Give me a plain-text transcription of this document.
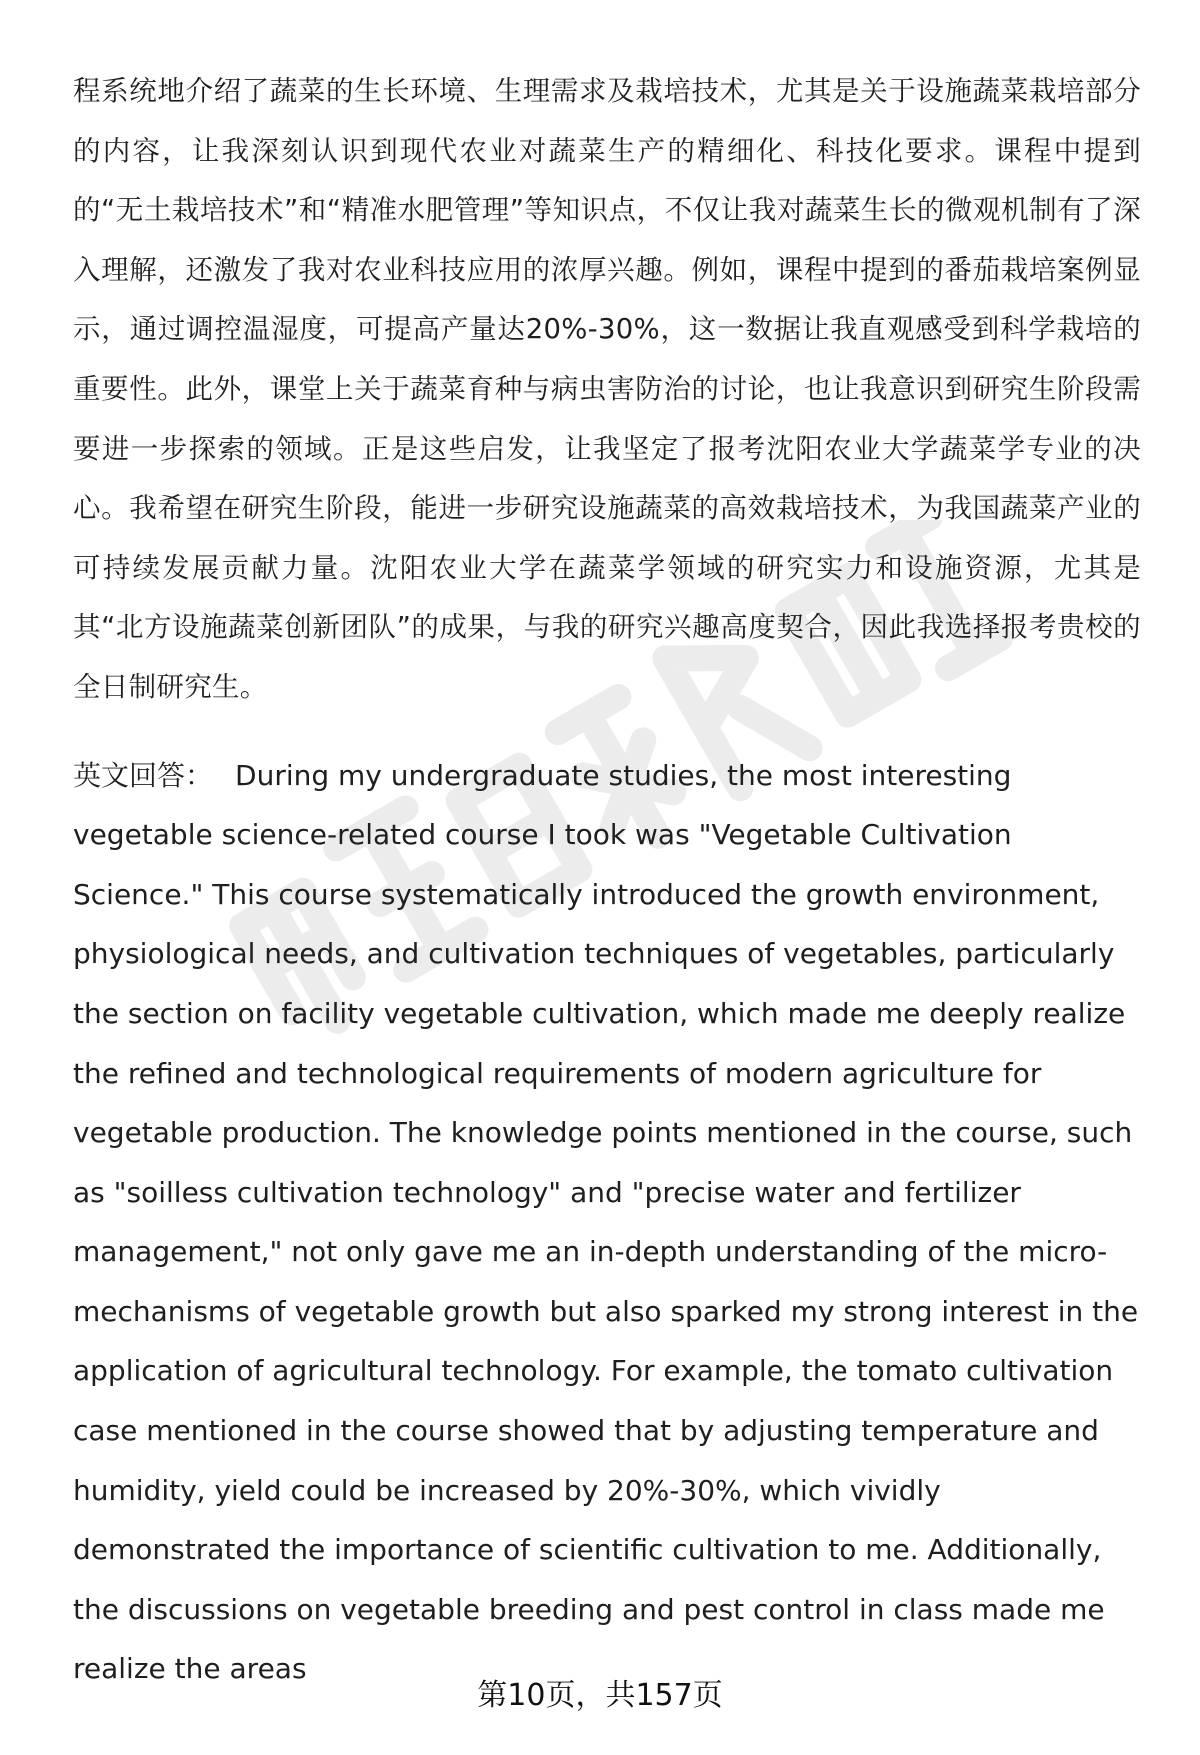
程系统地介绍了蔬菜的生长环境、生理需求及栽培技术，尤其是关于设施蔬菜栽培部分的内容，让我深刻认识到现代农业对蔬菜生产的精细化、科技化要求。课程中提到的“无土栽培技术”和“精准水肥管理”等知识点，不仅让我对蔬菜生长的微观机制有了深入理解，还激发了我对农业科技应用的浓厚兴趣。例如，课程中提到的番茄栽培案例显示，通过调控温湿度，可提高产量达20%-30%，这一数据让我直观感受到科学栽培的重要性。此外，课堂上关于蔬菜育种与病虫害防治的讨论，也让我意识到研究生阶段需要进一步探索的领域。正是这些启发，让我坚定了报考沈阳农业大学蔬菜学专业的决心。我希望在研究生阶段，能进一步研究设施蔬菜的高效栽培技术，为我国蔬菜产业的可持续发展贡献力量。沈阳农业大学在蔬菜学领域的研究实力和设施资源，尤其是其“北方设施蔬菜创新团队”的成果，与我的研究兴趣高度契合，因此我选择报考贵校的全日制研究生。

英文回答： During my undergraduate studies, the most interesting vegetable science-related course I took was "Vegetable Cultivation Science." This course systematically introduced the growth environment, physiological needs, and cultivation techniques of vegetables, particularly the section on facility vegetable cultivation, which made me deeply realize the refined and technological requirements of modern agriculture for vegetable production. The knowledge points mentioned in the course, such as "soilless cultivation technology" and "precise water and fertilizer management," not only gave me an in-depth understanding of the micro-mechanisms of vegetable growth but also sparked my strong interest in the application of agricultural technology. For example, the tomato cultivation case mentioned in the course showed that by adjusting temperature and humidity, yield could be increased by 20%-30%, which vividly demonstrated the importance of scientific cultivation to me. Additionally, the discussions on vegetable breeding and pest control in class made me realize the areas

第10页，共157页
